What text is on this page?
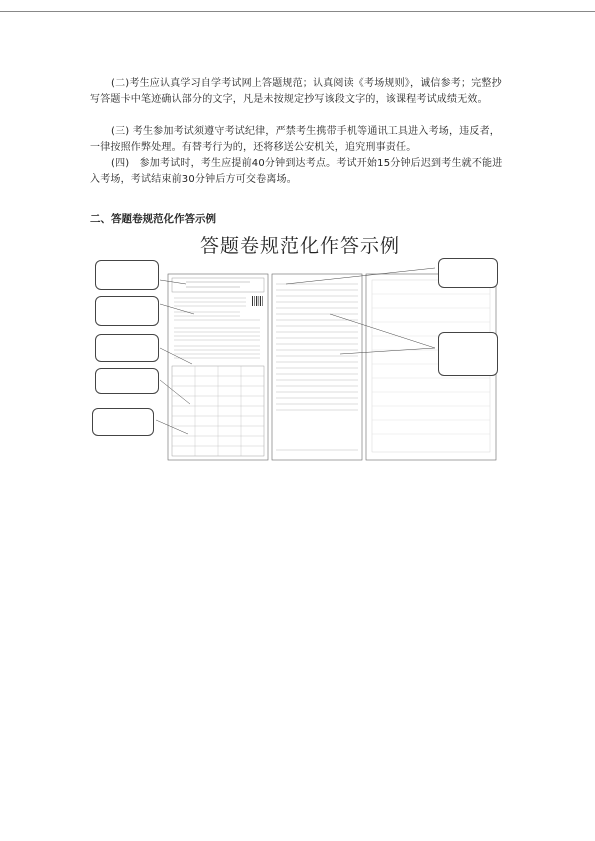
(二)考生应认真学习自学考试网上答题规范；认真阅读《考场规则》，诚信参考；完整抄写答题卡中笔迹确认部分的文字，凡是未按规定抄写该段文字的，该课程考试成绩无效。

(三) 考生参加考试须遵守考试纪律，严禁考生携带手机等通讯工具进入考场，违反者，一律按照作弊处理。有替考行为的，还将移送公安机关，追究刑事责任。

(四)　参加考试时，考生应提前40分钟到达考点。考试开始15分钟后迟到考生就不能进入考场，考试结束前30分钟后方可交卷离场。

二、答题卷规范化作答示例

答题卷规范化作答示例
